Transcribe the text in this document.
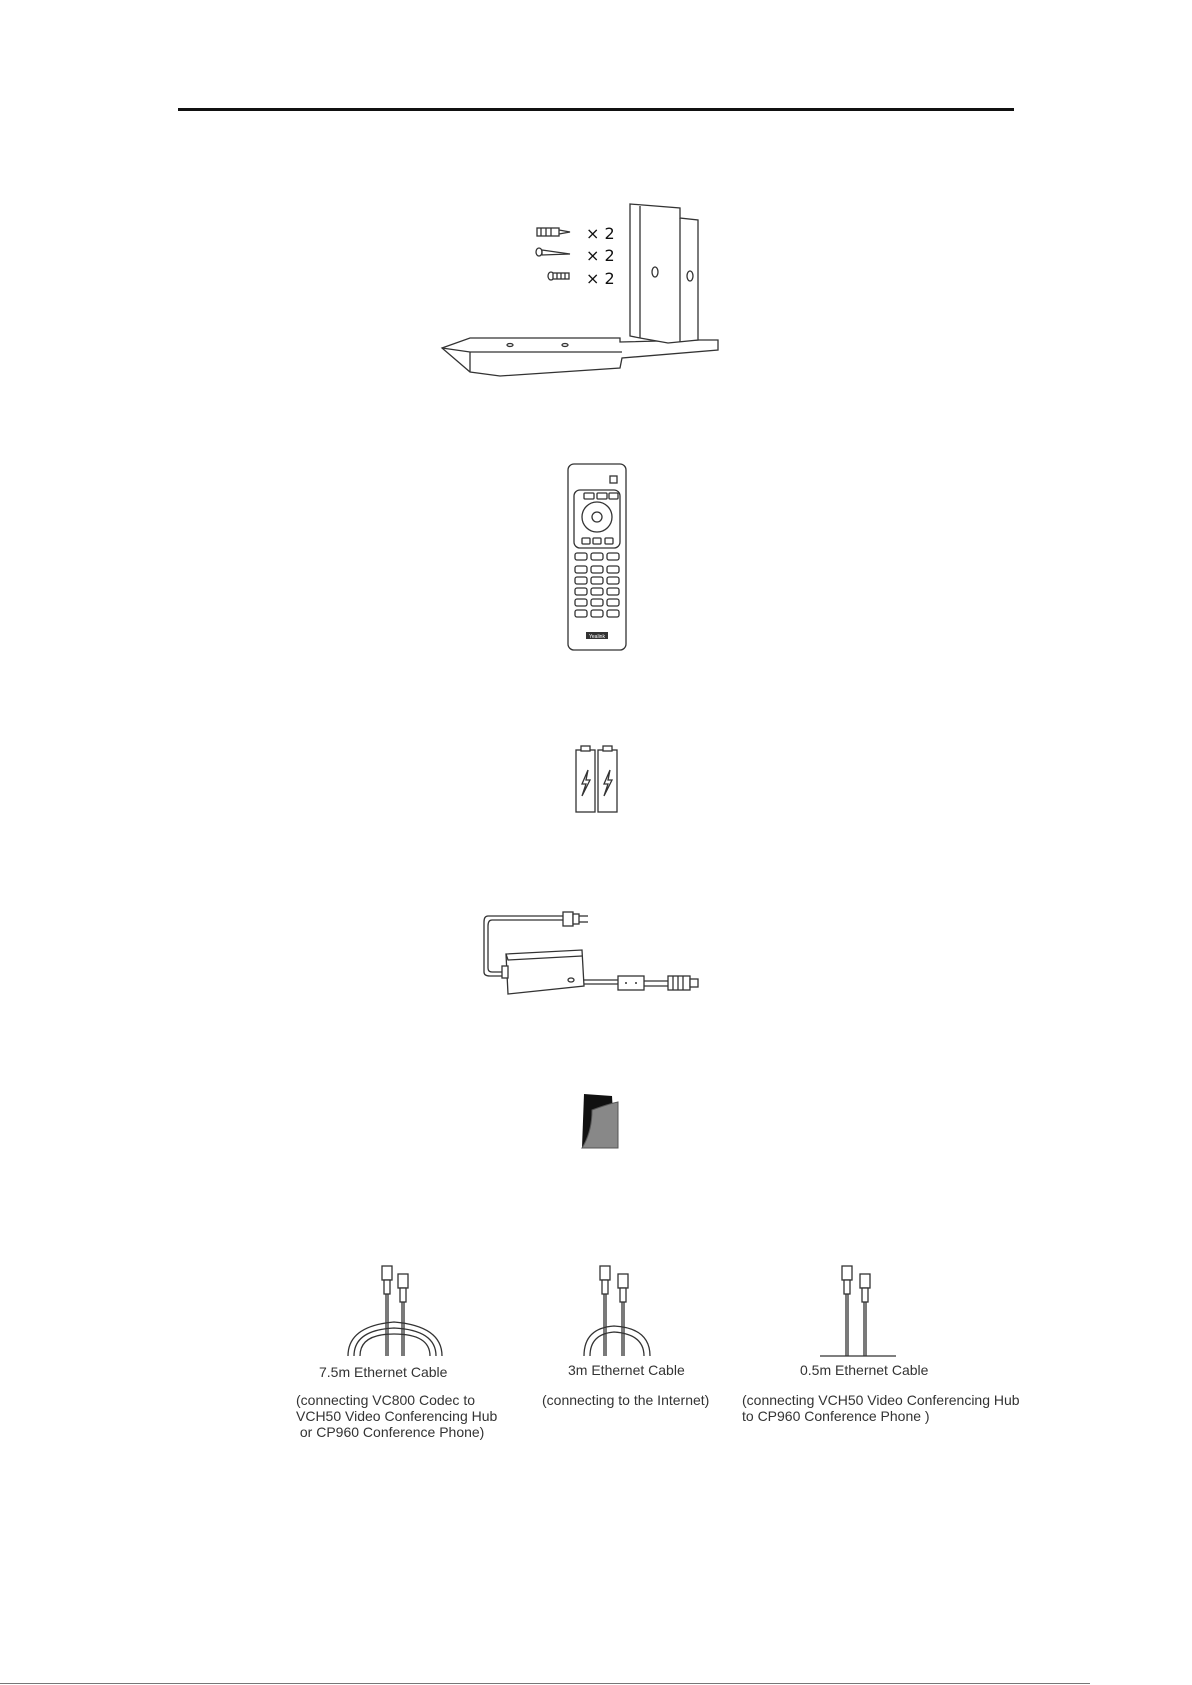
× 2
× 2
× 2
Yealink
7.5m Ethernet Cable
(connecting VC800 Codec to
VCH50 Video Conferencing Hub
or CP960 Conference Phone)
3m Ethernet Cable
(connecting to the Internet)
0.5m Ethernet Cable
(connecting VCH50 Video Conferencing Hub
to CP960 Conference Phone )
